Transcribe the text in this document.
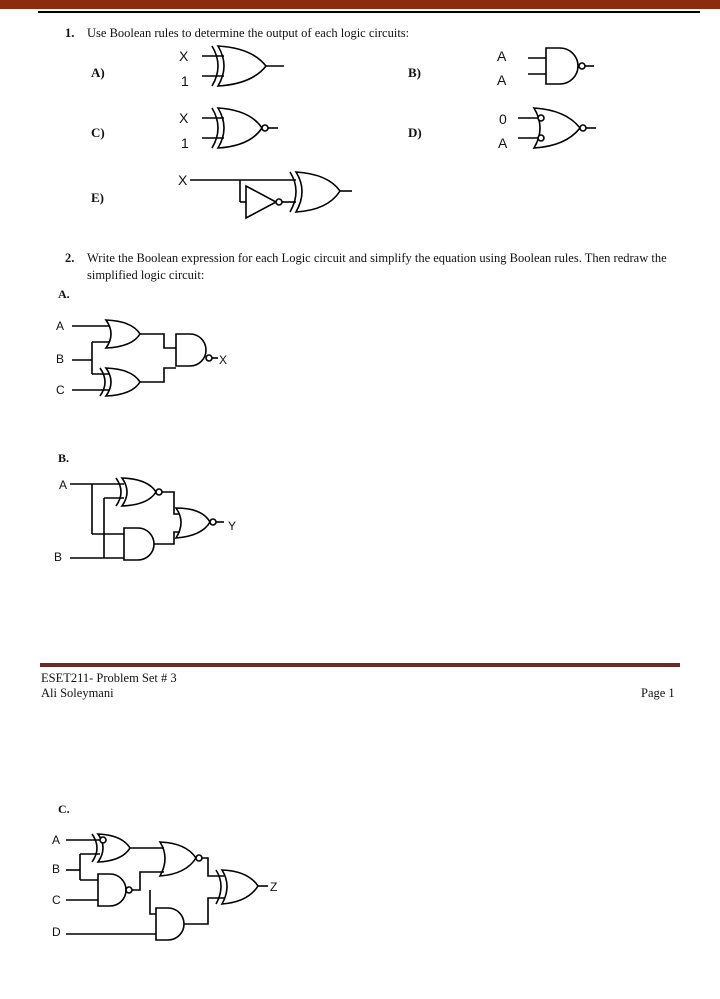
1. Use Boolean rules to determine the output of each logic circuits:
A)
X
1
B)
A
A
C)
X
1
D)
0
A
E)
X
2. Write the Boolean expression for each Logic circuit and simplify the equation using Boolean rules. Then redraw the simplified logic circuit:
A.
A
B
C
X
B.
A
B
Y
ESET211- Problem Set # 3
Ali Soleymani	Page 1
C.
A
B
C
D
Z
